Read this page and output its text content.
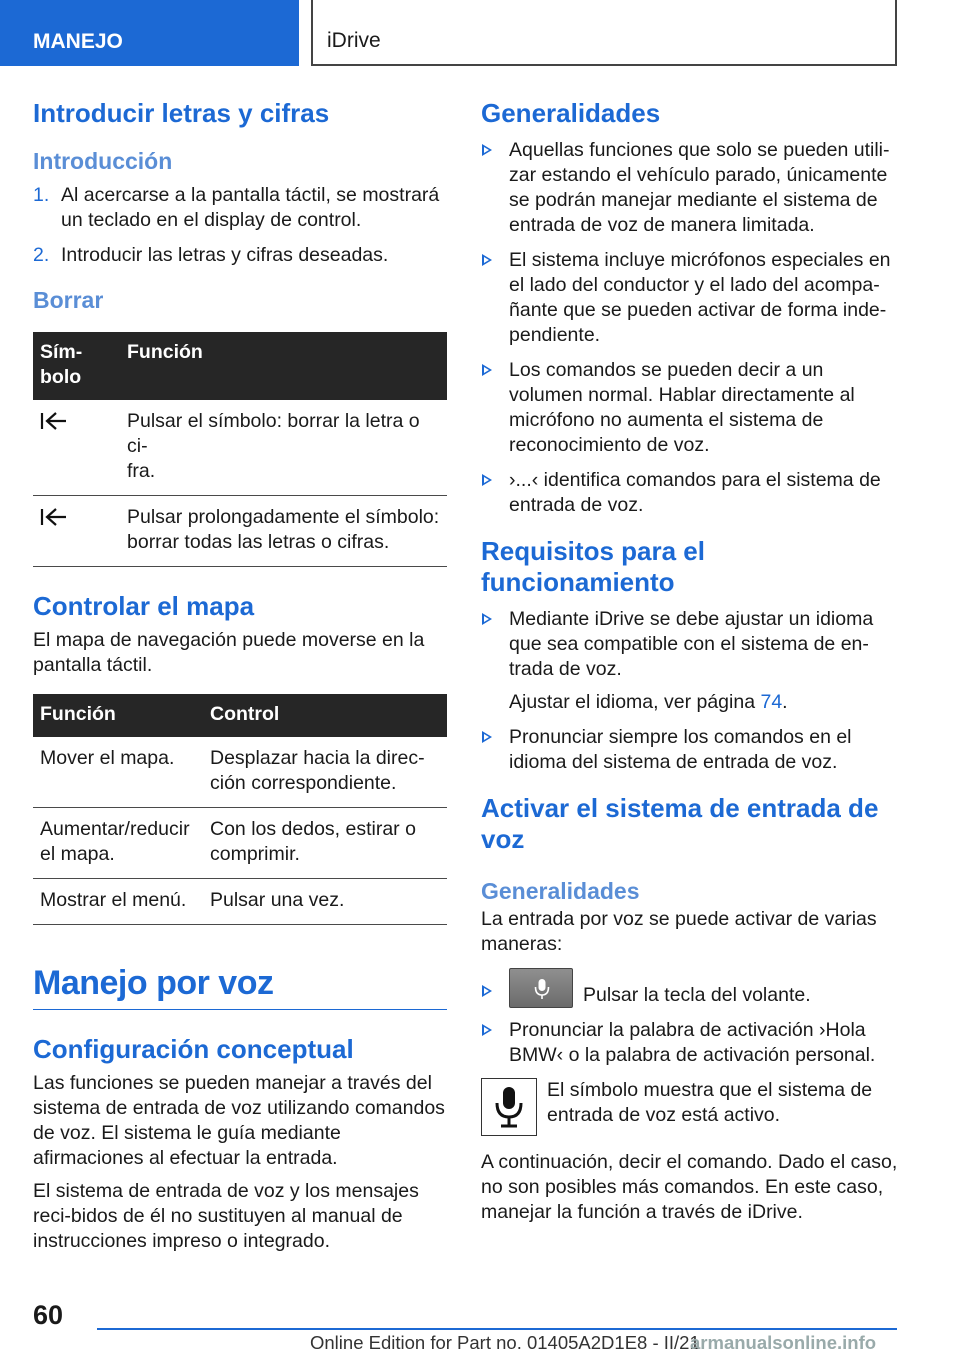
MANEJO	iDrive
Introducir letras y cifras
Introducción
1. Al acercarse a la pantalla táctil, se mostrará un teclado en el display de control.
2. Introducir las letras y cifras deseadas.
Borrar
Sím-
bolo	Función

	Pulsar el símbolo: borrar la letra o ci-
fra.

	Pulsar prolongadamente el símbolo:
borrar todas las letras o cifras.
Controlar el mapa

El mapa de navegación puede moverse en la pantalla táctil.

Función	Control
Mover el mapa.	Desplazar hacia la direc-
ción correspondiente.
Aumentar/reducir
el mapa.	Con los dedos, estirar o
comprimir.
Mostrar el menú.	Pulsar una vez.
Manejo por voz
Configuración conceptual

Las funciones se pueden manejar a través del sistema de entrada de voz utilizando comandos de voz. El sistema le guía mediante afirmaciones al efectuar la entrada.

El sistema de entrada de voz y los mensajes reci-bidos de él no sustituyen al manual de instrucciones impreso o integrado.

Generalidades
Aquellas funciones que solo se pueden utili-zar estando el vehículo parado, únicamente se podrán manejar mediante el sistema de entrada de voz de manera limitada.
El sistema incluye micrófonos especiales en el lado del conductor y el lado del acompa-ñante que se pueden activar de forma inde-pendiente.
Los comandos se pueden decir a un volumen normal. Hablar directamente al micrófono no aumenta el sistema de reconocimiento de voz.
›...‹ identifica comandos para el sistema de entrada de voz.
Requisitos para el funcionamiento
Mediante iDrive se debe ajustar un idioma que sea compatible con el sistema de en-trada de voz.

Ajustar el idioma, ver página 74.

Pronunciar siempre los comandos en el idioma del sistema de entrada de voz.
Activar el sistema de entrada de voz
Generalidades

La entrada por voz se puede activar de varias maneras:

Pulsar la tecla del volante.
Pronunciar la palabra de activación ›Hola BMW‹ o la palabra de activación personal.

El símbolo muestra que el sistema de entrada de voz está activo.

A continuación, decir el comando. Dado el caso, no son posibles más comandos. En este caso, manejar la función a través de iDrive.

60
Online Edition for Part no. 01405A2D1E8 - II/21
armanualsonline.info
